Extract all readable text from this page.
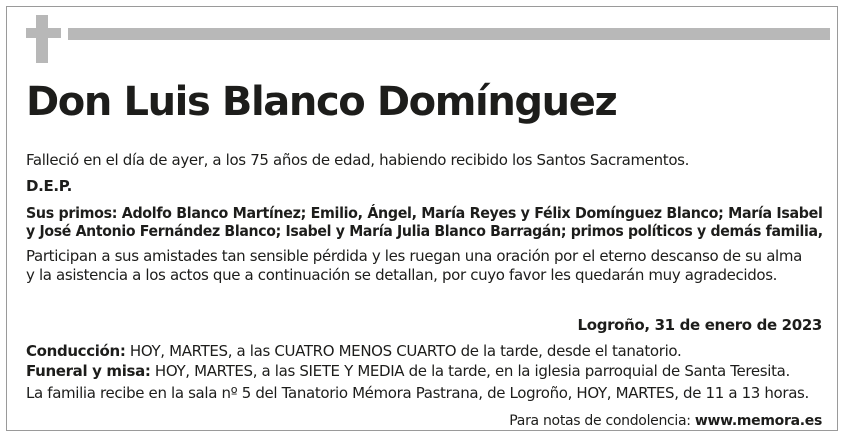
Don Luis Blanco Domínguez
Falleció en el día de ayer, a los 75 años de edad, habiendo recibido los Santos Sacramentos.
D.E.P.
Sus primos: Adolfo Blanco Martínez; Emilio, Ángel, María Reyes y Félix Domínguez Blanco; María Isabel
y José Antonio Fernández Blanco; Isabel y María Julia Blanco Barragán; primos políticos y demás familia,
Participan a sus amistades tan sensible pérdida y les ruegan una oración por el eterno descanso de su alma
y la asistencia a los actos que a continuación se detallan, por cuyo favor les quedarán muy agradecidos.
Logroño, 31 de enero de 2023
Conducción: HOY, MARTES, a las CUATRO MENOS CUARTO de la tarde, desde el tanatorio.
Funeral y misa: HOY, MARTES, a las SIETE Y MEDIA de la tarde, en la iglesia parroquial de Santa Teresita.
La familia recibe en la sala nº 5 del Tanatorio Mémora Pastrana, de Logroño, HOY, MARTES, de 11 a 13 horas.
Para notas de condolencia: www.memora.es
